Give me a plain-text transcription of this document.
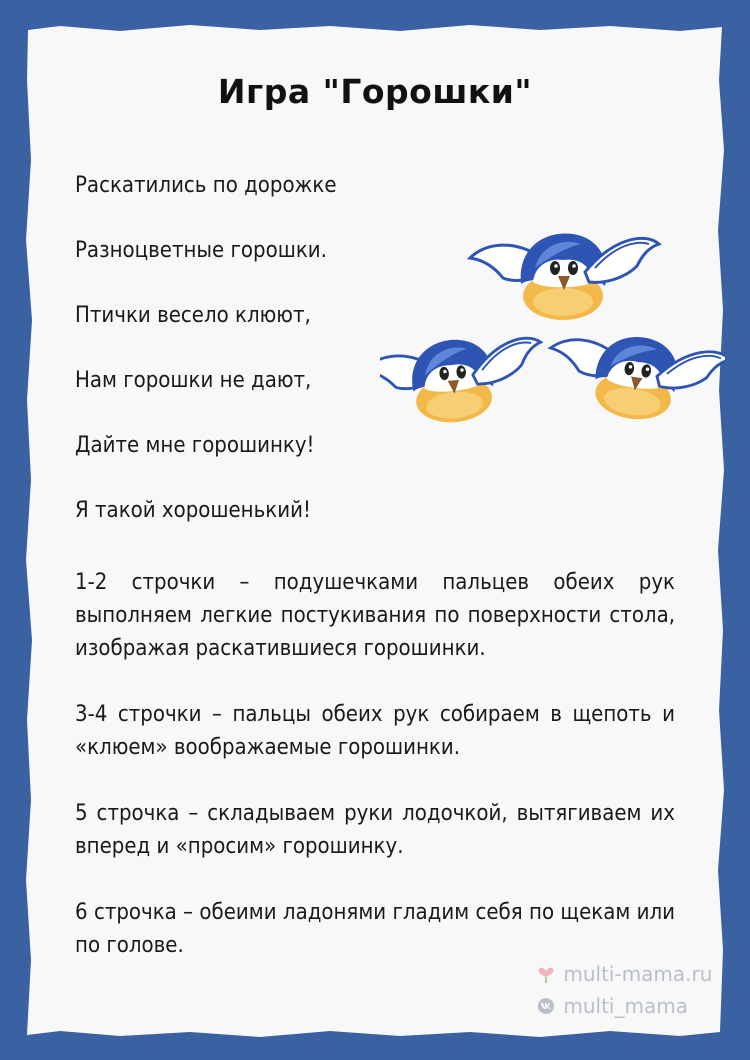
Игра "Горошки"
Раскатились по дорожке
Разноцветные горошки.
Птички весело клюют,
Нам горошки не дают,
Дайте мне горошинку!
Я такой хорошенький!
1-2 строчки – подушечками пальцев обеих рук выполняем легкие постукивания по поверхности стола, изображая раскатившиеся горошинки.
3-4 строчки – пальцы обеих рук собираем в щепоть и «клюем» воображаемые горошинки.
5 строчка – складываем руки лодочкой, вытягиваем их вперед и «просим» горошинку.
6 строчка – обеими ладонями гладим себя по щекам или по голове.
multi-mama.ru
multi_mama
